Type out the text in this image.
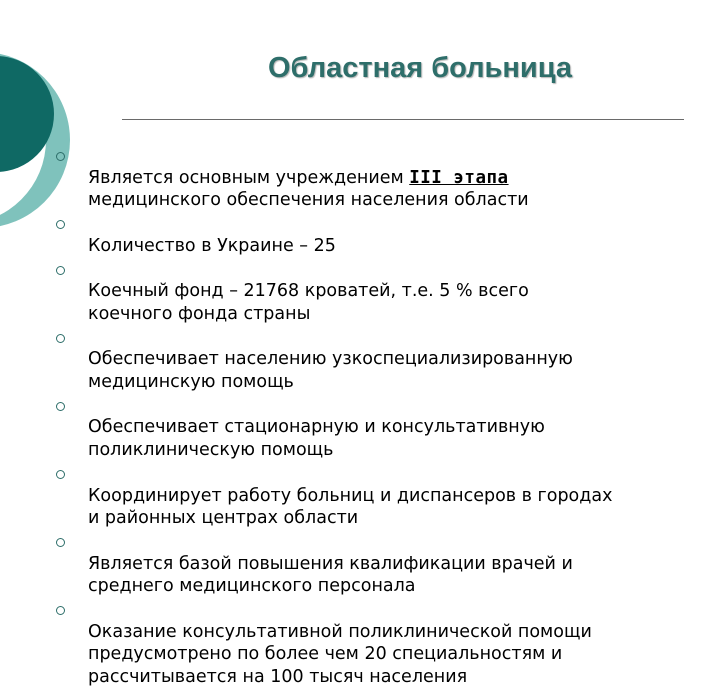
Областная больница

Является основным учреждением III этапа
медицинского обеспечения населения области

Количество в Украине – 25

Коечный фонд – 21768 кроватей, т.е. 5 % всего
коечного фонда страны

Обеспечивает населению узкоспециализированную
медицинскую помощь

Обеспечивает стационарную и консультативную
поликлиническую помощь

Координирует работу больниц и диспансеров в городах
и районных центрах области

Является базой повышения квалификации врачей и
среднего медицинского персонала

Оказание консультативной поликлинической помощи
предусмотрено по более чем 20 специальностям и
рассчитывается на 100 тысяч населения
